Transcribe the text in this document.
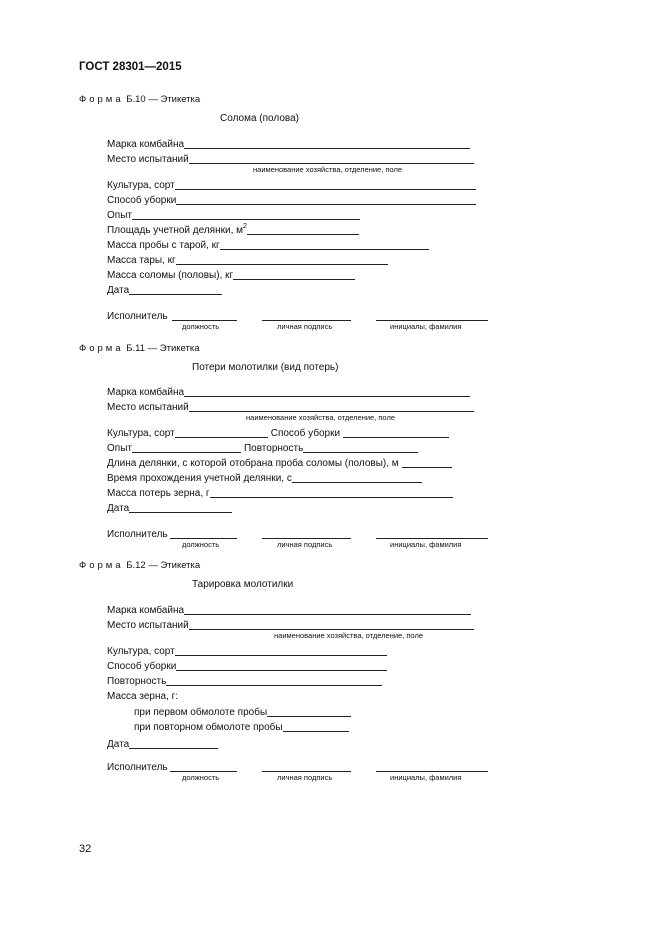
ГОСТ 28301—2015
Форма Б.10 — Этикетка
Солома (полова)
Марка комбайна
Место испытаний
наименование хозяйства, отделение, поле
Культура, сорт
Способ уборки
Опыт
Площадь учетной делянки, $м^2$
Масса пробы с тарой, кг
Масса тары, кг
Масса соломы (половы), кг
Дата
Исполнитель
должность	личная подпись	инициалы, фамилия
Форма Б.11 — Этикетка
Потери молотилки (вид потерь)
Марка комбайна
Место испытаний
наименование хозяйства, отделение, поле
Культура, сорт	Способ уборки
Опыт	Повторность
Длина делянки, с которой отобрана проба соломы (половы), м
Время прохождения учетной делянки, с
Масса потерь зерна, г
Дата
Исполнитель
должность	личная подпись	инициалы, фамилия
Форма Б.12 — Этикетка
Тарировка молотилки
Марка комбайна
Место испытаний
наименование хозяйства, отделение, поле
Культура, сорт
Способ уборки
Повторность
Масса зерна, г:
при первом обмолоте пробы
при повторном обмолоте пробы
Дата
Исполнитель
должность	личная подпись	инициалы, фамилия
32
